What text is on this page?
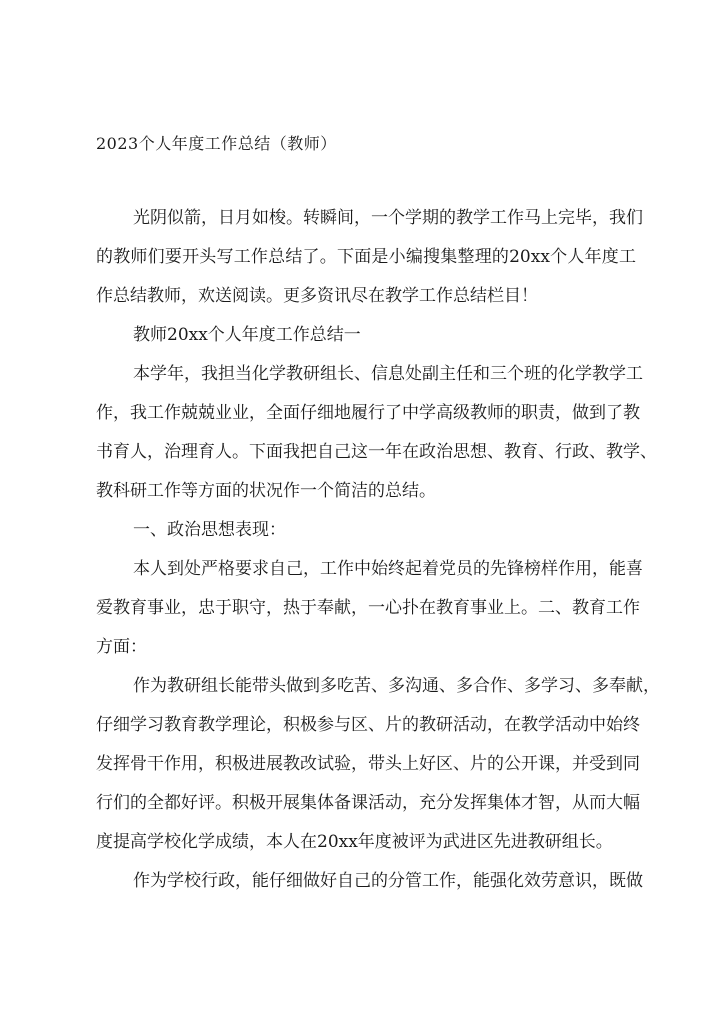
2023个人年度工作总结（教师）
光阴似箭，日月如梭。转瞬间，一个学期的教学工作马上完毕，我们
的教师们要开头写工作总结了。下面是小编搜集整理的20xx个人年度工
作总结教师，欢送阅读。更多资讯尽在教学工作总结栏目！
教师20xx个人年度工作总结一
本学年，我担当化学教研组长、信息处副主任和三个班的化学教学工
作，我工作兢兢业业，全面仔细地履行了中学高级教师的职责，做到了教
书育人，治理育人。下面我把自己这一年在政治思想、教育、行政、教学、
教科研工作等方面的状况作一个简洁的总结。
一、政治思想表现：
本人到处严格要求自己，工作中始终起着党员的先锋榜样作用，能喜
爱教育事业，忠于职守，热于奉献，一心扑在教育事业上。二、教育工作
方面：
作为教研组长能带头做到多吃苦、多沟通、多合作、多学习、多奉献，
仔细学习教育教学理论，积极参与区、片的教研活动，在教学活动中始终
发挥骨干作用，积极进展教改试验，带头上好区、片的公开课，并受到同
行们的全都好评。积极开展集体备课活动，充分发挥集体才智，从而大幅
度提高学校化学成绩，本人在20xx年度被评为武进区先进教研组长。
作为学校行政，能仔细做好自己的分管工作，能强化效劳意识，既做
